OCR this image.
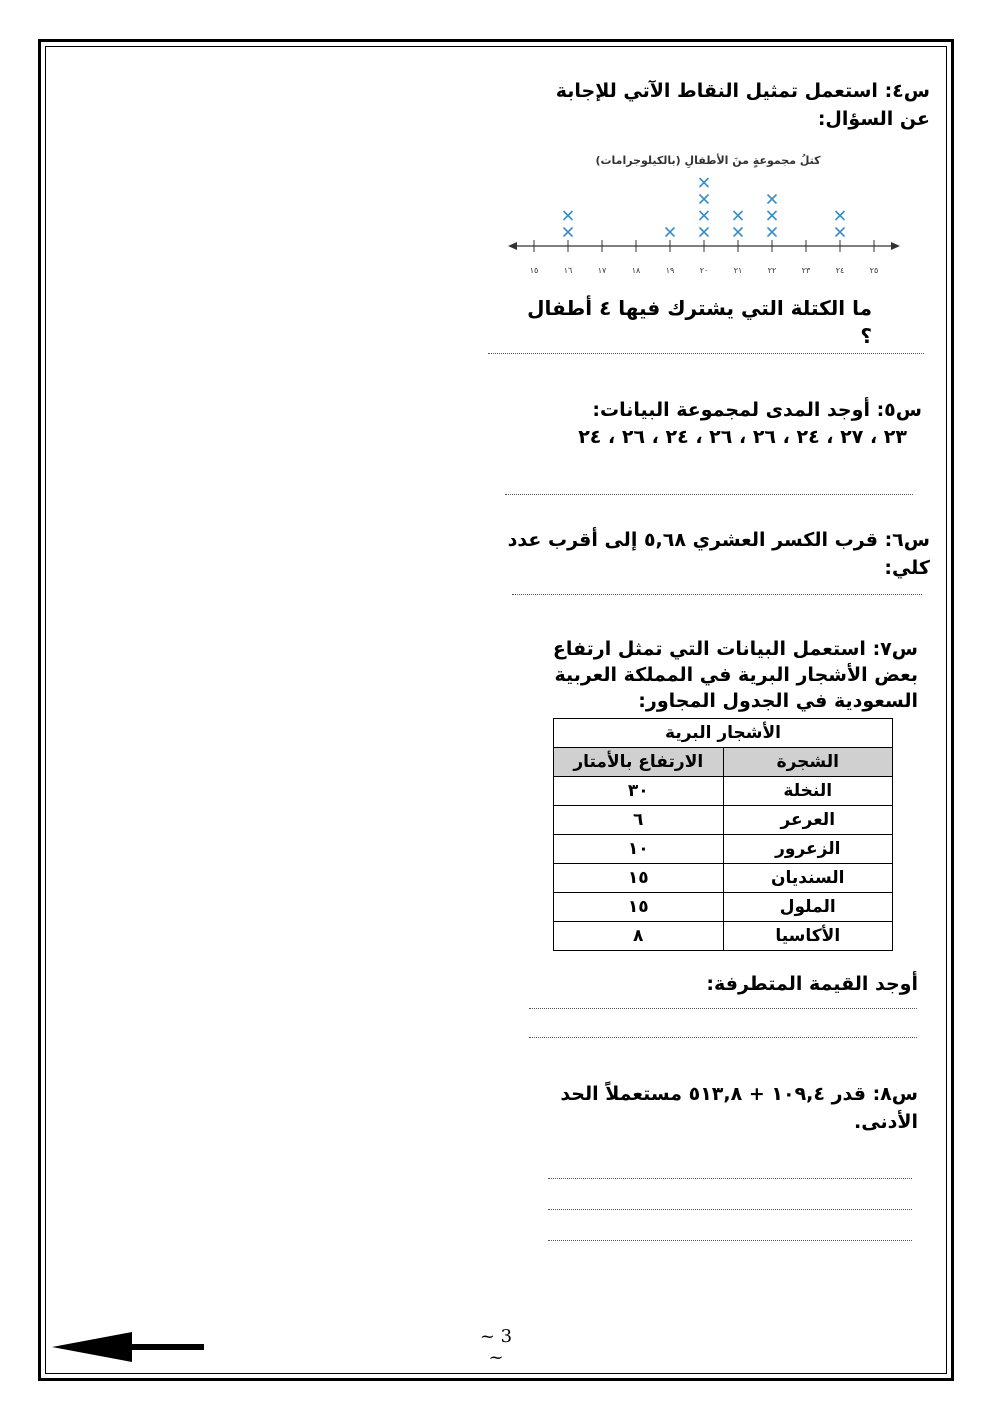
س٤: استعمل تمثيل النقاط الآتي للإجابة عن السؤال:
كتلُ مجموعةٍ منَ الأطفالِ (بالكيلوجرامات)
١٥	١٦	١٧	١٨	١٩	٢٠	٢١	٢٢	٢٣	٢٤	٢٥
ما الكتلة التي يشترك فيها ٤ أطفال ؟
س٥: أوجد المدى لمجموعة البيانات:
٢٣ ، ٢٧ ، ٢٤ ، ٢٦ ، ٢٦ ، ٢٤ ، ٢٦ ، ٢٤
س٦: قرب الكسر العشري ٥,٦٨ إلى أقرب عدد كلي:
س٧: استعمل البيانات التي تمثل ارتفاع بعض الأشجار البرية في المملكة العربية السعودية في الجدول المجاور:
الأشجار البرية	
الشجرة	الارتفاع بالأمتار
النخلة	٣٠
العرعر	٦
الزعرور	١٠
السنديان	١٥
الملول	١٥
الأكاسيا	٨
أوجد القيمة المتطرفة:
س٨: قدر ١٠٩,٤ + ٥١٣,٨ مستعملاً الحد الأدنى.
~ 3 ~
